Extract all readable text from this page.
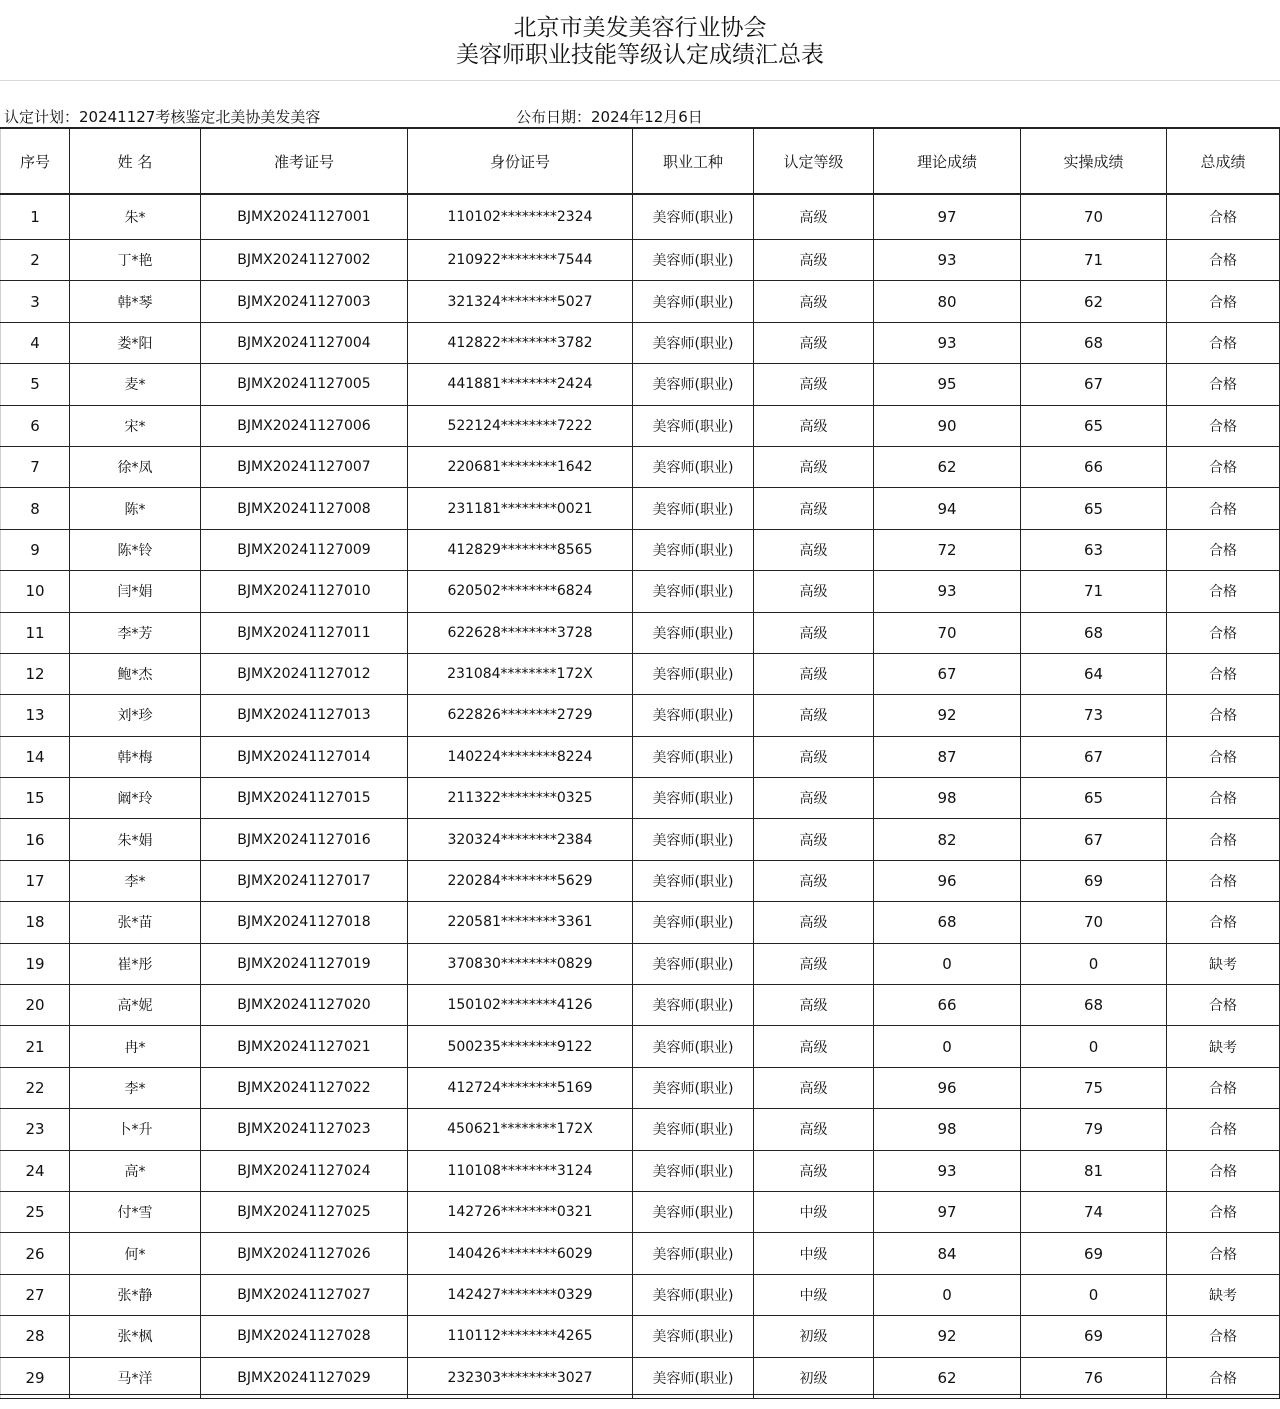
北京市美发美容行业协会
美容师职业技能等级认定成绩汇总表
认定计划：20241127考核鉴定北美协美发美容	公布日期：2024年12月6日
序号	姓 名	准考证号	身份证号	职业工种	认定等级	理论成绩	实操成绩	总成绩
1	朱*	BJMX20241127001	110102********2324	美容师(职业)	高级	97	70	合格
2	丁*艳	BJMX20241127002	210922********7544	美容师(职业)	高级	93	71	合格
3	韩*琴	BJMX20241127003	321324********5027	美容师(职业)	高级	80	62	合格
4	娄*阳	BJMX20241127004	412822********3782	美容师(职业)	高级	93	68	合格
5	麦*	BJMX20241127005	441881********2424	美容师(职业)	高级	95	67	合格
6	宋*	BJMX20241127006	522124********7222	美容师(职业)	高级	90	65	合格
7	徐*凤	BJMX20241127007	220681********1642	美容师(职业)	高级	62	66	合格
8	陈*	BJMX20241127008	231181********0021	美容师(职业)	高级	94	65	合格
9	陈*铃	BJMX20241127009	412829********8565	美容师(职业)	高级	72	63	合格
10	闫*娟	BJMX20241127010	620502********6824	美容师(职业)	高级	93	71	合格
11	李*芳	BJMX20241127011	622628********3728	美容师(职业)	高级	70	68	合格
12	鲍*杰	BJMX20241127012	231084********172X	美容师(职业)	高级	67	64	合格
13	刘*珍	BJMX20241127013	622826********2729	美容师(职业)	高级	92	73	合格
14	韩*梅	BJMX20241127014	140224********8224	美容师(职业)	高级	87	67	合格
15	阚*玲	BJMX20241127015	211322********0325	美容师(职业)	高级	98	65	合格
16	朱*娟	BJMX20241127016	320324********2384	美容师(职业)	高级	82	67	合格
17	李*	BJMX20241127017	220284********5629	美容师(职业)	高级	96	69	合格
18	张*苗	BJMX20241127018	220581********3361	美容师(职业)	高级	68	70	合格
19	崔*彤	BJMX20241127019	370830********0829	美容师(职业)	高级	0	0	缺考
20	高*妮	BJMX20241127020	150102********4126	美容师(职业)	高级	66	68	合格
21	冉*	BJMX20241127021	500235********9122	美容师(职业)	高级	0	0	缺考
22	李*	BJMX20241127022	412724********5169	美容师(职业)	高级	96	75	合格
23	卜*升	BJMX20241127023	450621********172X	美容师(职业)	高级	98	79	合格
24	高*	BJMX20241127024	110108********3124	美容师(职业)	高级	93	81	合格
25	付*雪	BJMX20241127025	142726********0321	美容师(职业)	中级	97	74	合格
26	何*	BJMX20241127026	140426********6029	美容师(职业)	中级	84	69	合格
27	张*静	BJMX20241127027	142427********0329	美容师(职业)	中级	0	0	缺考
28	张*枫	BJMX20241127028	110112********4265	美容师(职业)	初级	92	69	合格
29	马*洋	BJMX20241127029	232303********3027	美容师(职业)	初级	62	76	合格
